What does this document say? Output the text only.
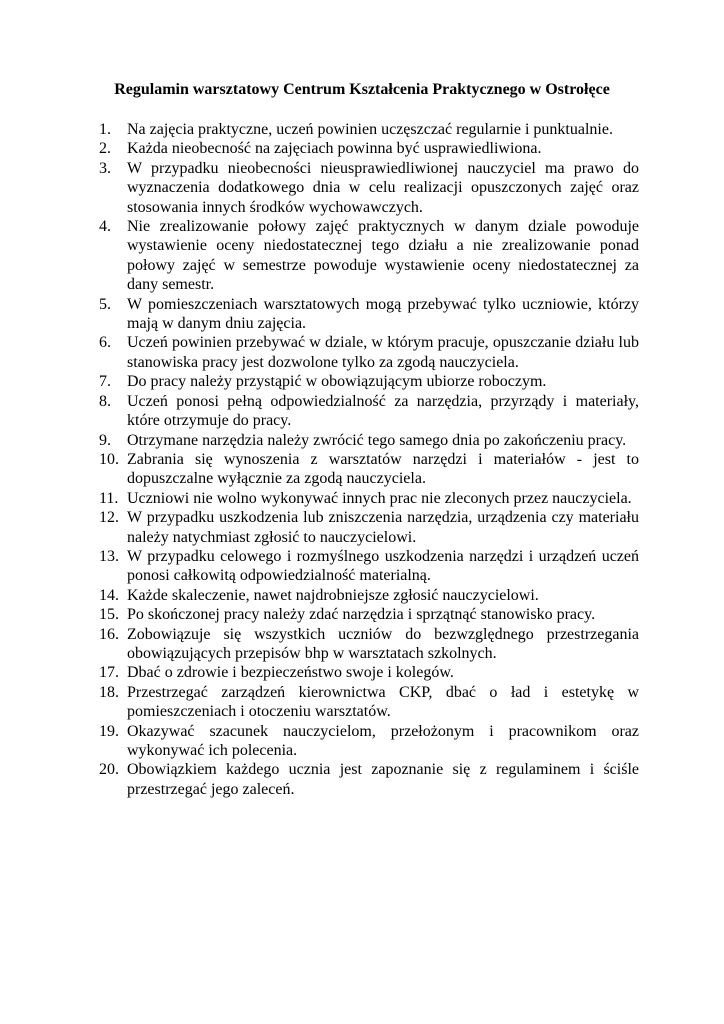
Regulamin warsztatowy Centrum Kształcenia Praktycznego w Ostrołęce
1.	Na zajęcia praktyczne, uczeń powinien uczęszczać regularnie i punktualnie.
2.	Każda nieobecność na zajęciach powinna być usprawiedliwiona.
3.	W przypadku nieobecności nieusprawiedliwionej nauczyciel ma prawo do wyznaczenia dodatkowego dnia w celu realizacji opuszczonych zajęć oraz stosowania innych środków wychowawczych.
4.	Nie zrealizowanie połowy zajęć praktycznych w danym dziale powoduje wystawienie oceny niedostatecznej tego działu a nie zrealizowanie ponad połowy zajęć w semestrze powoduje wystawienie oceny niedostatecznej za dany semestr.
5.	W pomieszczeniach warsztatowych mogą przebywać tylko uczniowie, którzy mają w danym dniu zajęcia.
6.	Uczeń powinien przebywać w dziale, w którym pracuje, opuszczanie działu lub stanowiska pracy jest dozwolone tylko za zgodą nauczyciela.
7.	Do pracy należy przystąpić w obowiązującym ubiorze roboczym.
8.	Uczeń ponosi pełną odpowiedzialność za narzędzia, przyrządy i materiały, które otrzymuje do pracy.
9.	Otrzymane narzędzia należy zwrócić tego samego dnia po zakończeniu pracy.
10. Zabrania się wynoszenia z warsztatów narzędzi i materiałów - jest to dopuszczalne wyłącznie za zgodą nauczyciela.
11. Uczniowi nie wolno wykonywać innych prac nie zleconych przez nauczyciela.
12. W przypadku uszkodzenia lub zniszczenia narzędzia, urządzenia czy materiału należy natychmiast zgłosić to nauczycielowi.
13. W przypadku celowego i rozmyślnego uszkodzenia narzędzi i urządzeń uczeń ponosi całkowitą odpowiedzialność materialną.
14. Każde skaleczenie, nawet najdrobniejsze zgłosić nauczycielowi.
15. Po skończonej pracy należy zdać narzędzia i sprzątnąć stanowisko pracy.
16. Zobowiązuje się wszystkich uczniów do bezwzględnego przestrzegania obowiązujących przepisów bhp w warsztatach szkolnych.
17. Dbać o zdrowie i bezpieczeństwo swoje i kolegów.
18. Przestrzegać zarządzeń kierownictwa CKP, dbać o ład i estetykę w pomieszczeniach i otoczeniu warsztatów.
19. Okazywać szacunek nauczycielom, przełożonym i pracownikom oraz wykonywać ich polecenia.
20. Obowiązkiem każdego ucznia jest zapoznanie się z regulaminem i ściśle przestrzegać jego zaleceń.
